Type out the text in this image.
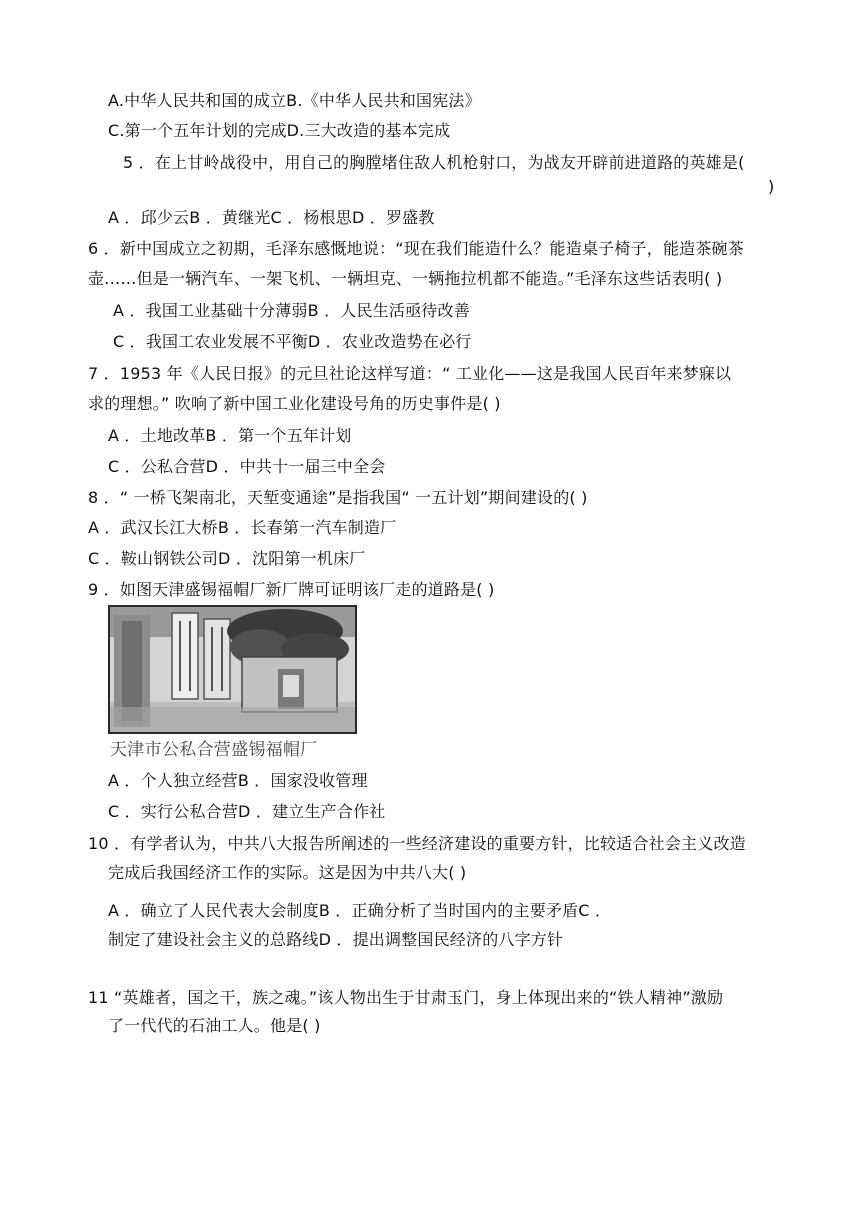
A.中华人民共和国的成立B.《中华人民共和国宪法》
C.第一个五年计划的完成D.三大改造的基本完成
5 ．在上甘岭战役中，用自己的胸膛堵住敌人机枪射口，为战友开辟前进道路的英雄是(
)
A ．邱少云B ．黄继光C ．杨根思D ．罗盛教
6 ．新中国成立之初期，毛泽东感慨地说：“现在我们能造什么？能造桌子椅子，能造茶碗茶
壶……但是一辆汽车、一架飞机、一辆坦克、一辆拖拉机都不能造。”毛泽东这些话表明( )
A ．我国工业基础十分薄弱B ．人民生活亟待改善
C ．我国工农业发展不平衡D ．农业改造势在必行
7 ．1953 年《人民日报》的元旦社论这样写道：“ 工业化——这是我国人民百年来梦寐以
求的理想。” 吹响了新中国工业化建设号角的历史事件是( )
A ．土地改革B ．第一个五年计划
C ．公私合营D ．中共十一届三中全会
8 ．“ 一桥飞架南北，天堑变通途”是指我国“ 一五计划”期间建设的( )
A ．武汉长江大桥B ．长春第一汽车制造厂
C ．鞍山钢铁公司D ．沈阳第一机床厂
9 ．如图天津盛锡福帽厂新厂牌可证明该厂走的道路是( )
天津市公私合营盛锡福帽厂
A ．个人独立经营B ．国家没收管理
C ．实行公私合营D ．建立生产合作社
10 ．有学者认为，中共八大报告所阐述的一些经济建设的重要方针，比较适合社会主义改造
完成后我国经济工作的实际。这是因为中共八大( )
A ．确立了人民代表大会制度B ．正确分析了当时国内的主要矛盾C ．
制定了建设社会主义的总路线D ．提出调整国民经济的八字方针
11 “英雄者，国之干，族之魂。”该人物出生于甘肃玉门，身上体现出来的“铁人精神”激励
了一代代的石油工人。他是( )
